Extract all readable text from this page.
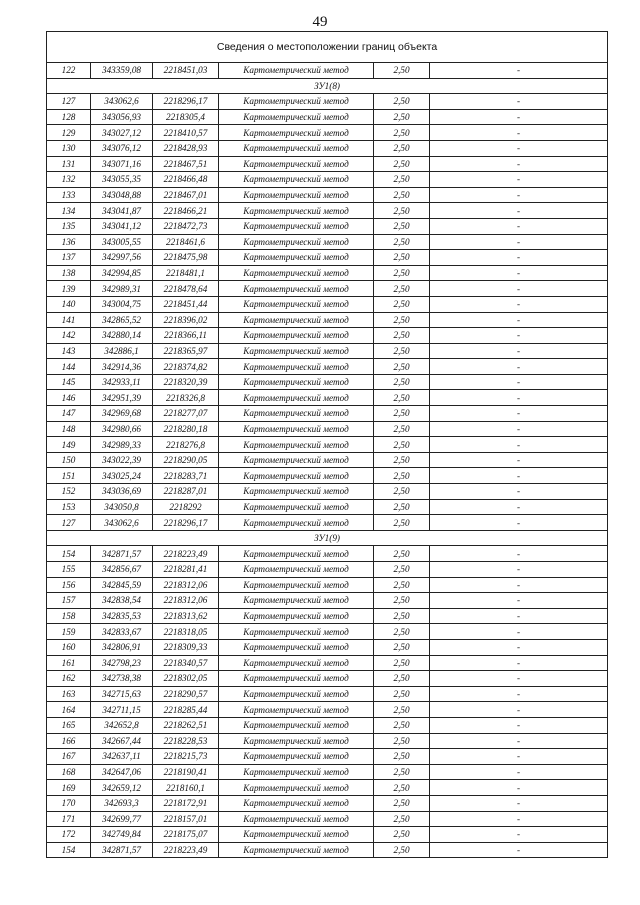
49
Сведения о местоположении границ объекта					
122	343359,08	2218451,03	Картометрический метод	2,50	-
ЗУ1(8)					
127	343062,6	2218296,17	Картометрический метод	2,50	-
128	343056,93	2218305,4	Картометрический метод	2,50	-
129	343027,12	2218410,57	Картометрический метод	2,50	-
130	343076,12	2218428,93	Картометрический метод	2,50	-
131	343071,16	2218467,51	Картометрический метод	2,50	-
132	343055,35	2218466,48	Картометрический метод	2,50	-
133	343048,88	2218467,01	Картометрический метод	2,50	-
134	343041,87	2218466,21	Картометрический метод	2,50	-
135	343041,12	2218472,73	Картометрический метод	2,50	-
136	343005,55	2218461,6	Картометрический метод	2,50	-
137	342997,56	2218475,98	Картометрический метод	2,50	-
138	342994,85	2218481,1	Картометрический метод	2,50	-
139	342989,31	2218478,64	Картометрический метод	2,50	-
140	343004,75	2218451,44	Картометрический метод	2,50	-
141	342865,52	2218396,02	Картометрический метод	2,50	-
142	342880,14	2218366,11	Картометрический метод	2,50	-
143	342886,1	2218365,97	Картометрический метод	2,50	-
144	342914,36	2218374,82	Картометрический метод	2,50	-
145	342933,11	2218320,39	Картометрический метод	2,50	-
146	342951,39	2218326,8	Картометрический метод	2,50	-
147	342969,68	2218277,07	Картометрический метод	2,50	-
148	342980,66	2218280,18	Картометрический метод	2,50	-
149	342989,33	2218276,8	Картометрический метод	2,50	-
150	343022,39	2218290,05	Картометрический метод	2,50	-
151	343025,24	2218283,71	Картометрический метод	2,50	-
152	343036,69	2218287,01	Картометрический метод	2,50	-
153	343050,8	2218292	Картометрический метод	2,50	-
127	343062,6	2218296,17	Картометрический метод	2,50	-
ЗУ1(9)					
154	342871,57	2218223,49	Картометрический метод	2,50	-
155	342856,67	2218281,41	Картометрический метод	2,50	-
156	342845,59	2218312,06	Картометрический метод	2,50	-
157	342838,54	2218312,06	Картометрический метод	2,50	-
158	342835,53	2218313,62	Картометрический метод	2,50	-
159	342833,67	2218318,05	Картометрический метод	2,50	-
160	342806,91	2218309,33	Картометрический метод	2,50	-
161	342798,23	2218340,57	Картометрический метод	2,50	-
162	342738,38	2218302,05	Картометрический метод	2,50	-
163	342715,63	2218290,57	Картометрический метод	2,50	-
164	342711,15	2218285,44	Картометрический метод	2,50	-
165	342652,8	2218262,51	Картометрический метод	2,50	-
166	342667,44	2218228,53	Картометрический метод	2,50	-
167	342637,11	2218215,73	Картометрический метод	2,50	-
168	342647,06	2218190,41	Картометрический метод	2,50	-
169	342659,12	2218160,1	Картометрический метод	2,50	-
170	342693,3	2218172,91	Картометрический метод	2,50	-
171	342699,77	2218157,01	Картометрический метод	2,50	-
172	342749,84	2218175,07	Картометрический метод	2,50	-
154	342871,57	2218223,49	Картометрический метод	2,50	-
